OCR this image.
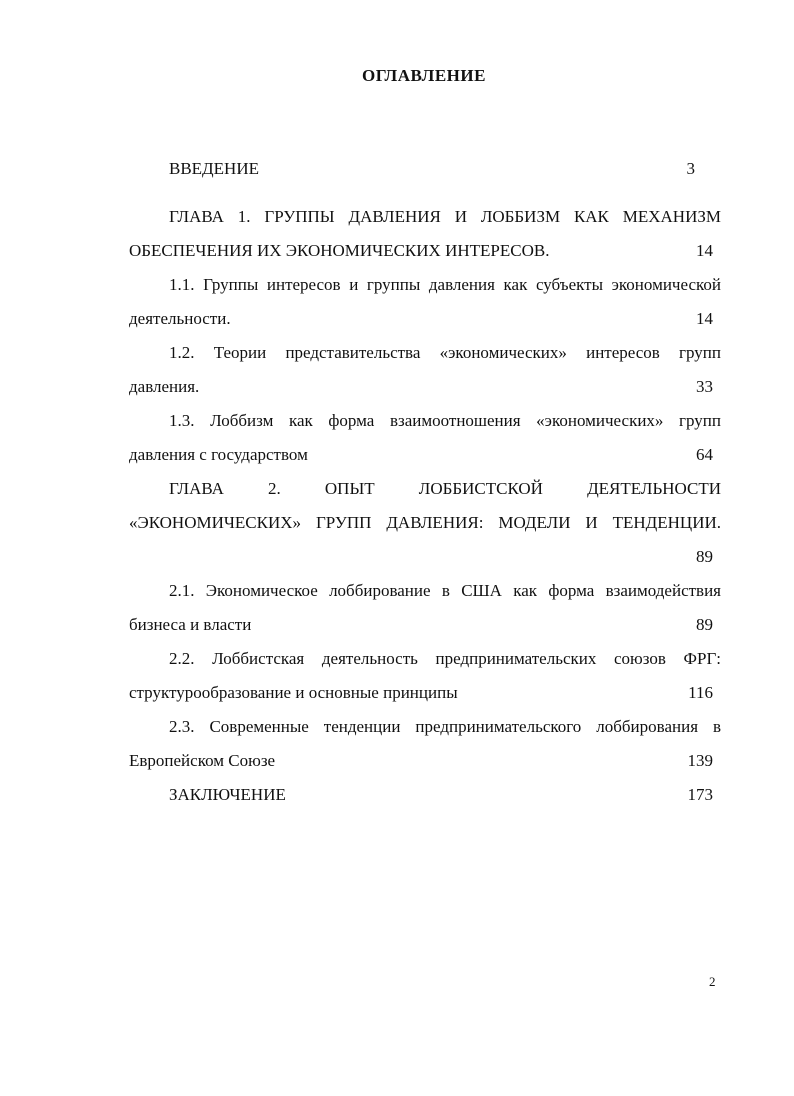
ОГЛАВЛЕНИЕ
ВВЕДЕНИЕ	3
ГЛАВА 1. ГРУППЫ ДАВЛЕНИЯ И ЛОББИЗМ КАК МЕХАНИЗМ
ОБЕСПЕЧЕНИЯ ИХ ЭКОНОМИЧЕСКИХ ИНТЕРЕСОВ.	14
1.1. Группы интересов и группы давления как субъекты экономической
деятельности.	14
1.2. Теории представительства «экономических» интересов групп
давления.	33
1.3. Лоббизм как форма взаимоотношения «экономических» групп
давления с государством	64
ГЛАВА 2. ОПЫТ ЛОББИСТСКОЙ ДЕЯТЕЛЬНОСТИ
«ЭКОНОМИЧЕСКИХ» ГРУПП ДАВЛЕНИЯ: МОДЕЛИ И ТЕНДЕНЦИИ.
89
2.1. Экономическое лоббирование в США как форма взаимодействия
бизнеса и власти	89
2.2. Лоббистская деятельность предпринимательских союзов ФРГ:
структурообразование и основные принципы	116
2.3. Современные тенденции предпринимательского лоббирования в
Европейском Союзе	139
ЗАКЛЮЧЕНИЕ	173
2
